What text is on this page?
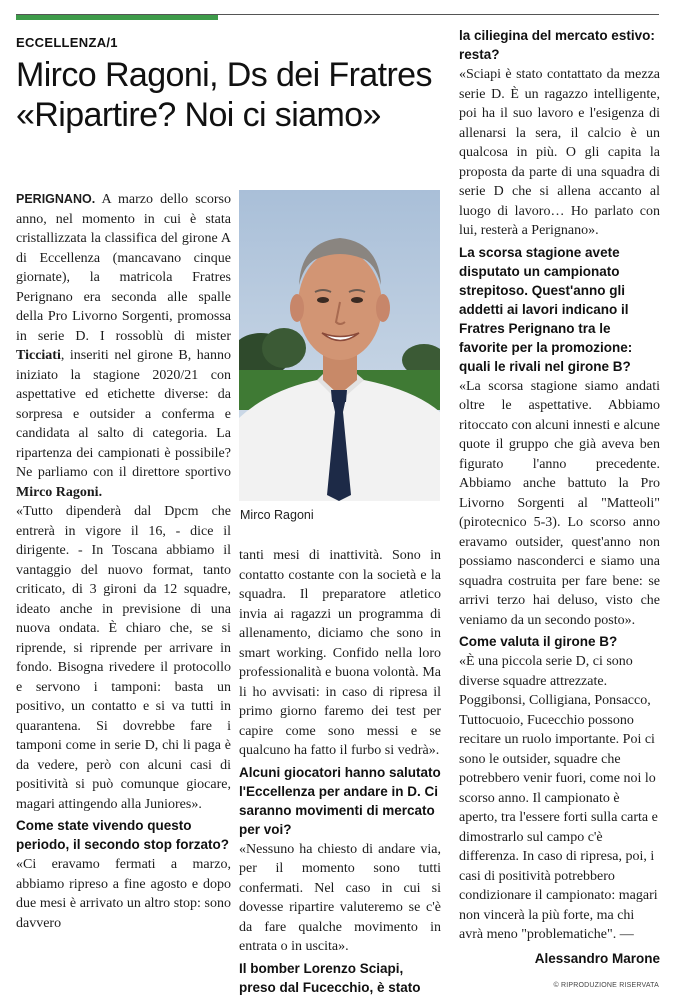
ECCELLENZA/1
Mirco Ragoni, Ds dei Fratres
«Ripartire? Noi ci siamo»

PERIGNANO. A marzo dello scorso anno, nel momento in cui è stata cristallizzata la classifica del girone A di Eccellenza (mancavano cinque giornate), la matricola Fratres Perignano era seconda alle spalle della Pro Livorno Sorgenti, promossa in serie D. I rossoblù di mister Ticciati, inseriti nel girone B, hanno iniziato la stagione 2020/21 con aspettative ed etichette diverse: da sorpresa e outsider a conferma e candidata al salto di categoria. La ripartenza dei campionati è possibile? Ne parliamo con il direttore sportivo Mirco Ragoni.

«Tutto dipenderà dal Dpcm che entrerà in vigore il 16, - dice il dirigente. - In Toscana abbiamo il vantaggio del nuovo format, tanto criticato, di 3 gironi da 12 squadre, ideato anche in previsione di una nuova ondata. È chiaro che, se si riprende, si riprende per arrivare in fondo. Bisogna rivedere il protocollo e servono i tamponi: basta un positivo, un contatto e si va tutti in quarantena. Si dovrebbe fare i tamponi come in serie D, chi li paga è da vedere, però con alcuni casi di positività si può comunque giocare, magari attingendo alla Juniores».

Come state vivendo questo periodo, il secondo stop forzato?

«Ci eravamo fermati a marzo, abbiamo ripreso a fine agosto e dopo due mesi è arrivato un altro stop: sono davvero

Mirco Ragoni

tanti mesi di inattività. Sono in contatto costante con la società e la squadra. Il preparatore atletico invia ai ragazzi un programma di allenamento, diciamo che sono in smart working. Confido nella loro professionalità e buona volontà. Ma li ho avvisati: in caso di ripresa il primo giorno faremo dei test per capire come sono messi e se qualcuno ha fatto il furbo si vedrà».

Alcuni giocatori hanno salutato l'Eccellenza per andare in D. Ci saranno movimenti di mercato per voi?

«Nessuno ha chiesto di andare via, per il momento sono tutti confermati. Nel caso in cui si dovesse ripartire valuteremo se c'è da fare qualche movimento in entrata o in uscita».

Il bomber Lorenzo Sciapi, preso dal Fucecchio, è stato
la ciliegina del mercato estivo: resta?

«Sciapi è stato contattato da mezza serie D. È un ragazzo intelligente, poi ha il suo lavoro e l'esigenza di allenarsi la sera, il calcio è un qualcosa in più. O gli capita la proposta da parte di una squadra di serie D che si allena accanto al luogo di lavoro… Ho parlato con lui, resterà a Perignano».

La scorsa stagione avete disputato un campionato strepitoso. Quest'anno gli addetti ai lavori indicano il Fratres Perignano tra le favorite per la promozione: quali le rivali nel girone B?

«La scorsa stagione siamo andati oltre le aspettative. Abbiamo ritoccato con alcuni innesti e alcune quote il gruppo che già aveva ben figurato l'anno precedente. Abbiamo anche battuto la Pro Livorno Sorgenti al "Matteoli" (pirotecnico 5-3). Lo scorso anno eravamo outsider, quest'anno non possiamo nasconderci e siamo una squadra costruita per fare bene: se arrivi terzo hai deluso, visto che veniamo da un secondo posto».

Come valuta il girone B?

«È una piccola serie D, ci sono diverse squadre attrezzate. Poggibonsi, Colligiana, Ponsacco, Tuttocuoio, Fucecchio possono recitare un ruolo importante. Poi ci sono le outsider, squadre che potrebbero venir fuori, come noi lo scorso anno. Il campionato è aperto, tra l'essere forti sulla carta e dimostrarlo sul campo c'è differenza. In caso di ripresa, poi, i casi di positività potrebbero condizionare il campionato: magari non vincerà la più forte, ma chi avrà meno "problematiche". —

Alessandro Marone
© RIPRODUZIONE RISERVATA
